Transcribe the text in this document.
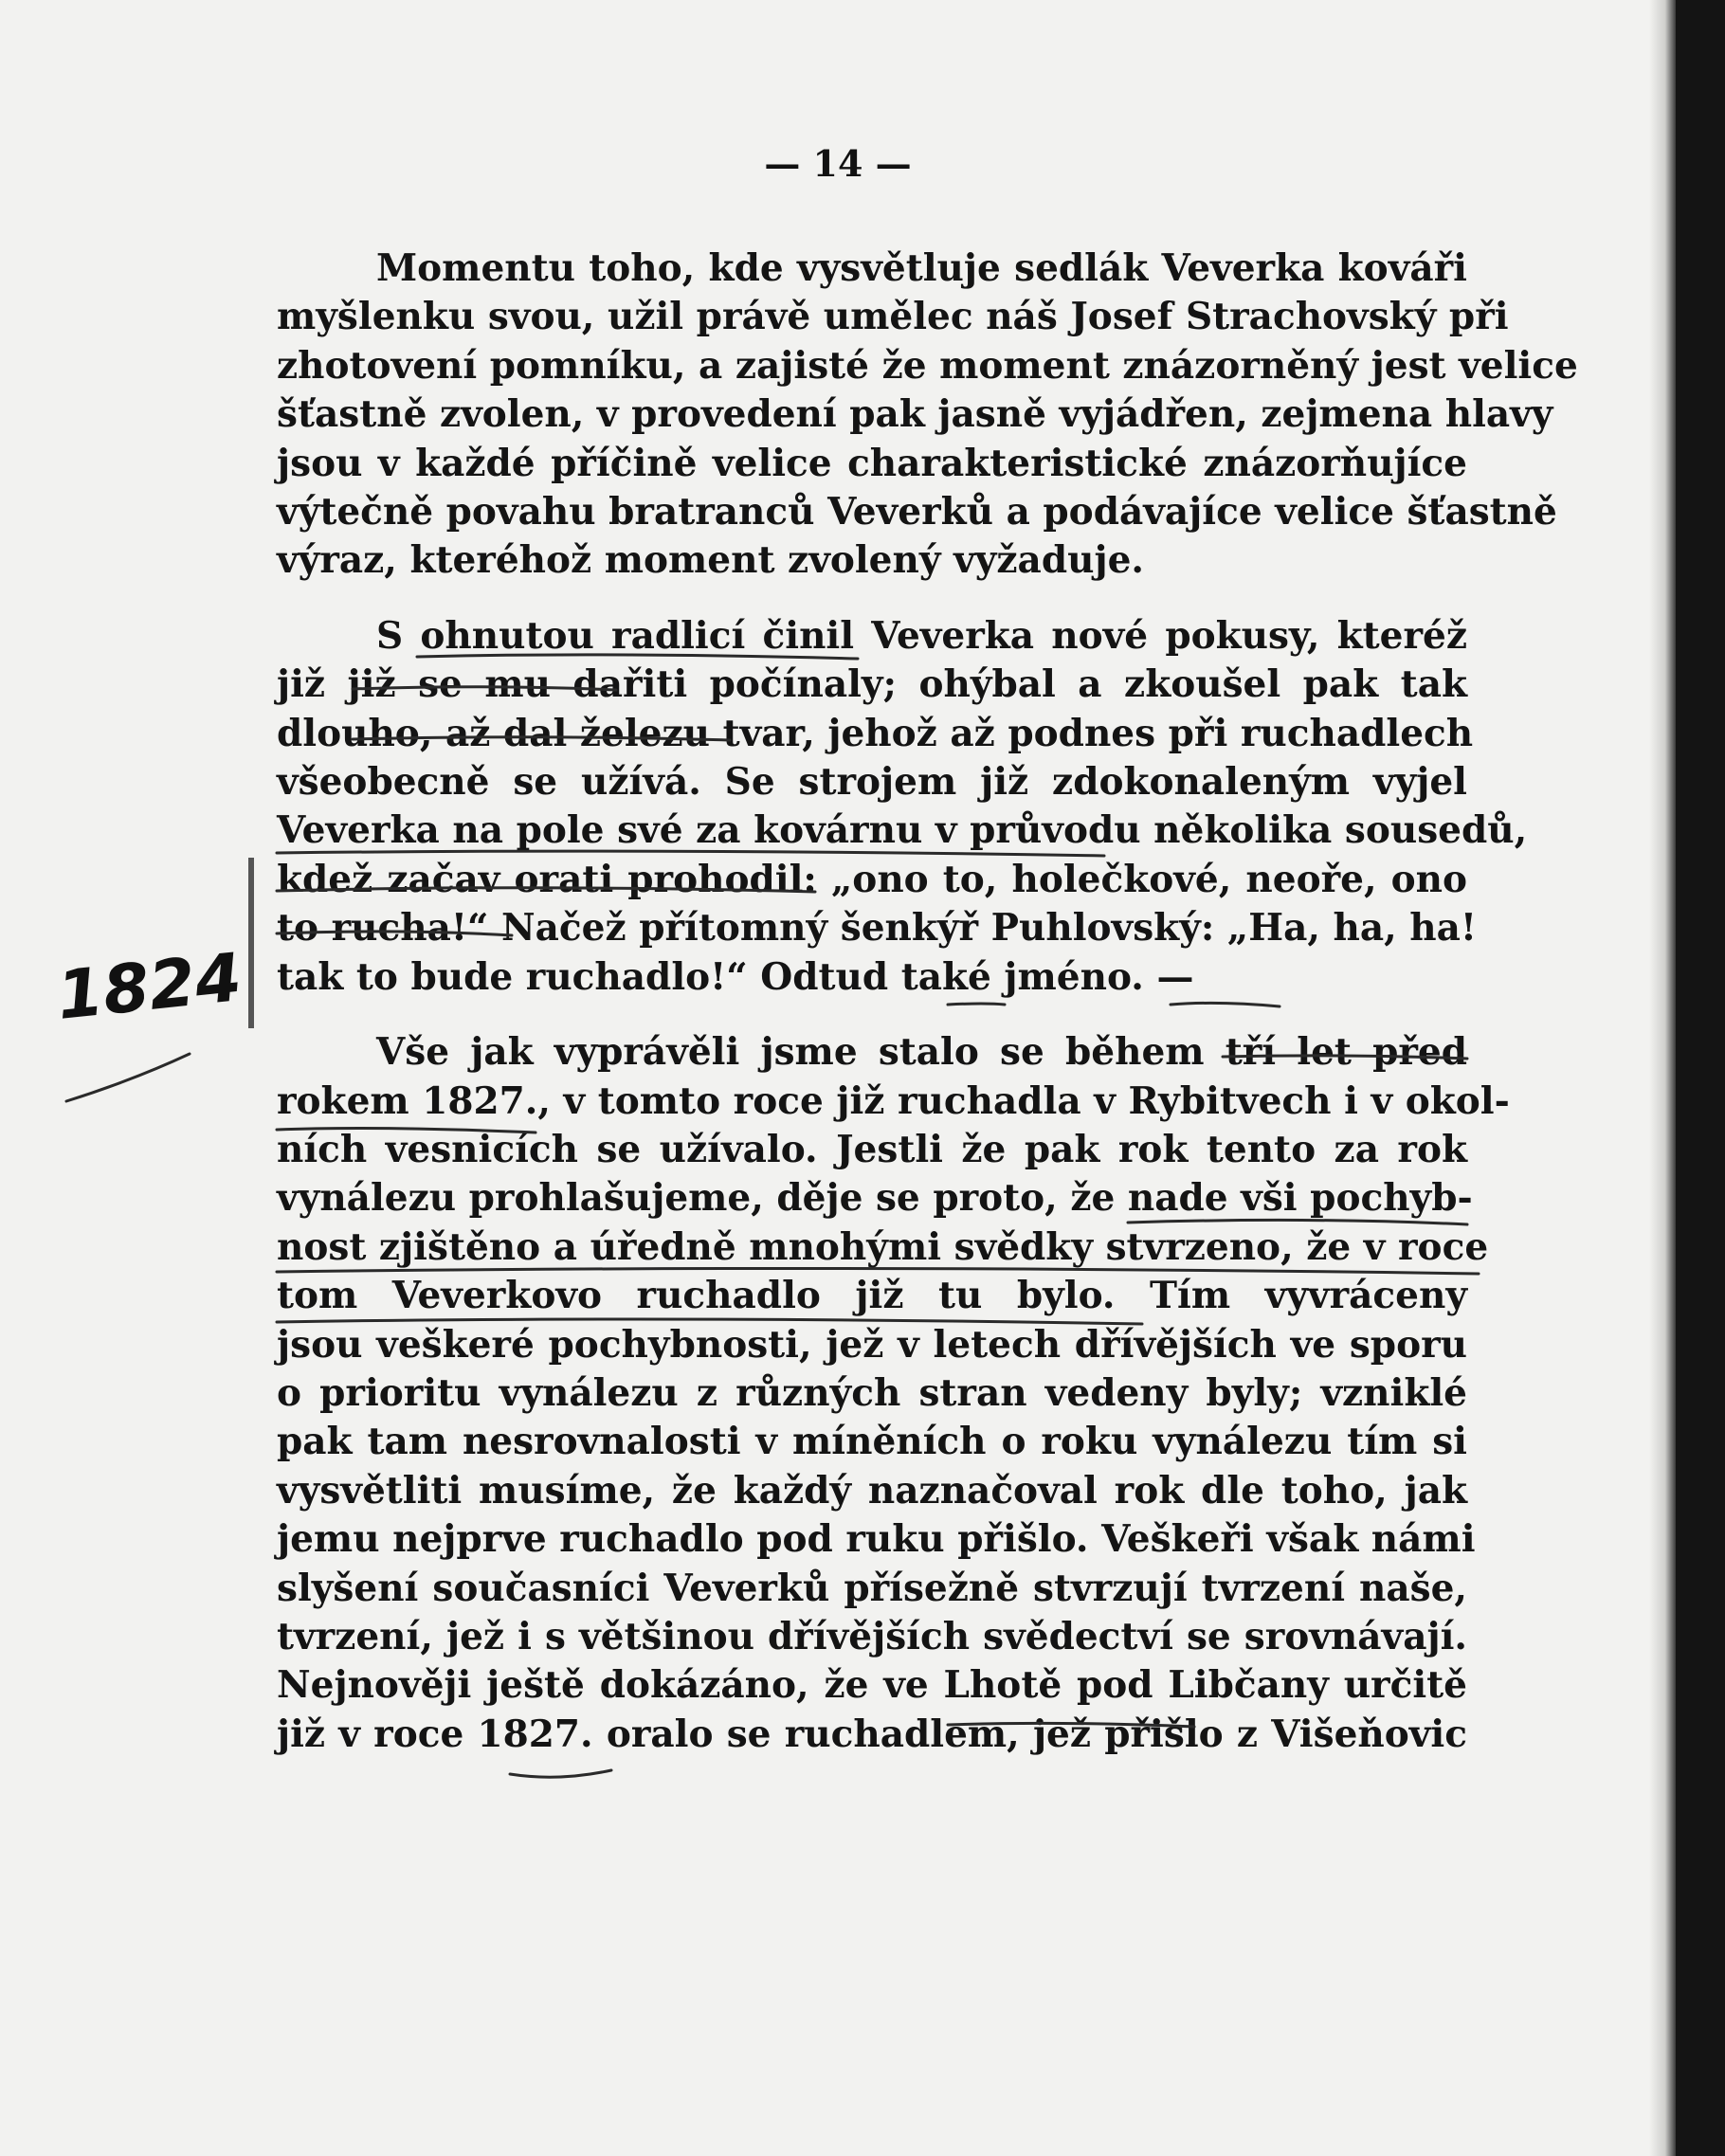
— 14 —

Momentu toho, kde vysvětluje sedlák Veverka kováři
myšlenku svou, užil právě umělec náš Josef Strachovský při
zhotovení pomníku, a zajisté že moment znázorněný jest velice
šťastně zvolen, v provedení pak jasně vyjádřen, zejmena hlavy
jsou v každé příčině velice charakteristické znázorňujíce
výtečně povahu bratranců Veverků a podávajíce velice šťastně
výraz, kteréhož moment zvolený vyžaduje.

S ohnutou radlicí činil Veverka nové pokusy, kteréž
již již se mu dařiti počínaly; ohýbal a zkoušel pak tak
dlouho, až dal železu tvar, jehož až podnes při ruchadlech
všeobecně se užívá. Se strojem již zdokonaleným vyjel
Veverka na pole své za kovárnu v průvodu několika sousedů,
kdež začav orati prohodil: „ono to, holečkové, neoře, ono
to rucha!“ Načež přítomný šenkýř Puhlovský: „Ha, ha, ha!
tak to bude ruchadlo!“ Odtud také jméno. —

Vše jak vyprávěli jsme stalo se během tří let před
rokem 1827., v tomto roce již ruchadla v Rybitvech i v okol-
ních vesnicích se užívalo. Jestli že pak rok tento za rok
vynálezu prohlašujeme, děje se proto, že nade vši pochyb-
nost zjištěno a úředně mnohými svědky stvrzeno, že v roce
tom Veverkovo ruchadlo již tu bylo. Tím vyvráceny
jsou veškeré pochybnosti, jež v letech dřívějších ve sporu
o prioritu vynálezu z různých stran vedeny byly; vzniklé
pak tam nesrovnalosti v míněních o roku vynálezu tím si
vysvětliti musíme, že každý naznačoval rok dle toho, jak
jemu nejprve ruchadlo pod ruku přišlo. Veškeři však námi
slyšení současníci Veverků přísežně stvrzují tvrzení naše,
tvrzení, jež i s většinou dřívějších svědectví se srovnávají.
Nejnověji ještě dokázáno, že ve Lhotě pod Libčany určitě
již v roce 1827. oralo se ruchadlem, jež přišlo z Višeňovic

1824
